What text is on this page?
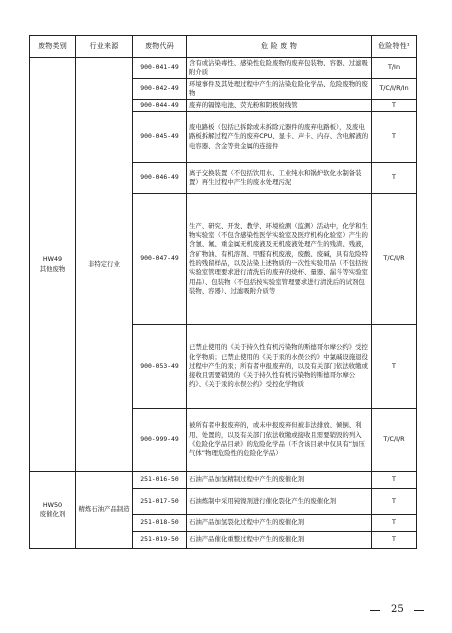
废物类别	行业来源	废物代码	危 险 废 物	危险特性¹

HW49
其他废物	非特定行业	900-041-49	含有或沾染毒性、感染性危险废物的废弃包装物、容器、过滤吸附介质	T/In
		900-042-49	环境事件及其处理过程中产生的沾染危险化学品、危险废物的废物	T/C/I/R/In
		900-044-49	废弃的镉镍电池、荧光粉和阴极射线管	T
		900-045-49	废电路板（包括已拆除或未拆除元器件的废弃电路板），及废电路板拆解过程产生的废弃CPU、显卡、声卡、内存、含电解液的电容器、含金等贵金属的连接件	T
		900-046-49	离子交换装置（不包括饮用水、工业纯水和锅炉软化水制备装置）再生过程中产生的废水处理污泥	T
		900-047-49	生产、研究、开发、教学、环境检测（监测）活动中，化学和生物实验室（不包含感染性医学实验室及医疗机构化验室）产生的含氰、氟、重金属无机废液及无机废液处理产生的残渣、残液，含矿物油、有机溶剂、甲醛有机废液，废酸、废碱，具有危险特性的残留样品，以及沾染上述物质的一次性实验用品（不包括按实验室管理要求进行清洗后的废弃的烧杯、量器、漏斗等实验室用品）、包装物（不包括按实验室管理要求进行清洗后的试剂包装物、容器）、过滤吸附介质等	T/C/I/R
		900-053-49	已禁止使用的《关于持久性有机污染物的斯德哥尔摩公约》受控化学物质；已禁止使用的《关于汞的水俣公约》中氯碱设施退役过程中产生的汞；所有者申报废弃的，以及有关部门依法收缴或接收且需要销毁的《关于持久性有机污染物的斯德哥尔摩公约》、《关于汞的水俣公约》受控化学物质	T
		900-999-49	被所有者申报废弃的，或未申报废弃但被非法排放、倾倒、利用、处置的，以及有关部门依法收缴或接收且需要销毁的列入《危险化学品目录》的危险化学品（不含该目录中仅具有“加压气体”物理危险性的危险化学品）	T/C/I/R

HW50
废催化剂	精炼石油产品制造	251-016-50	石油产品加氢精制过程中产生的废催化剂	T
		251-017-50	石油炼制中采用钝镍剂进行催化裂化产生的废催化剂	T
		251-018-50	石油产品加氢裂化过程中产生的废催化剂	T
		251-019-50	石油产品催化重整过程中产生的废催化剂	T
25
